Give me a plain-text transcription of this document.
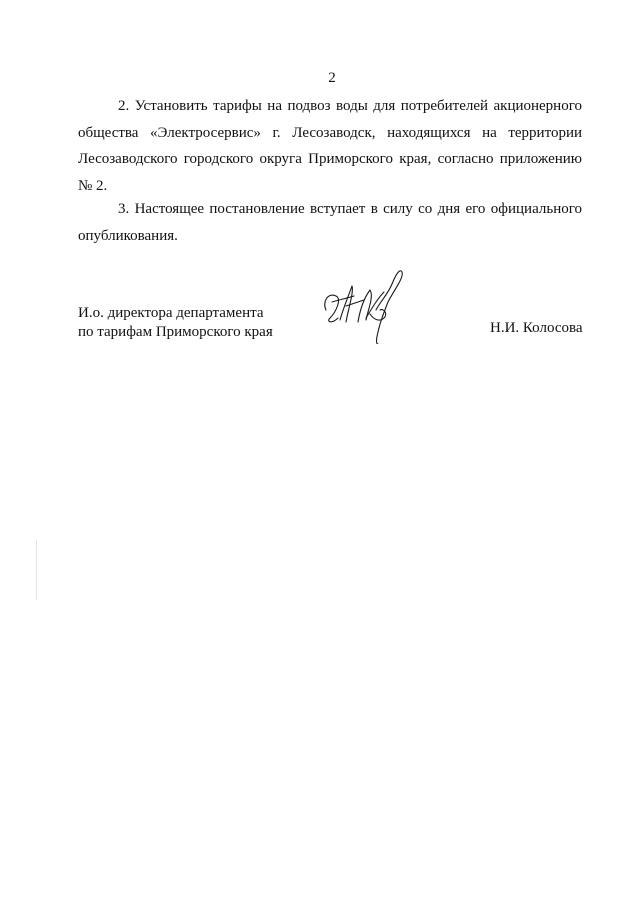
2

2. Установить тарифы на подвоз воды для потребителей акционерного общества «Электросервис» г. Лесозаводск, находящихся на территории Лесозаводского городского округа Приморского края, согласно приложению № 2.

3. Настоящее постановление вступает в силу со дня его официального опубликования.

И.о. директора департамента
по тарифам Приморского края	Н.И. Колосова
